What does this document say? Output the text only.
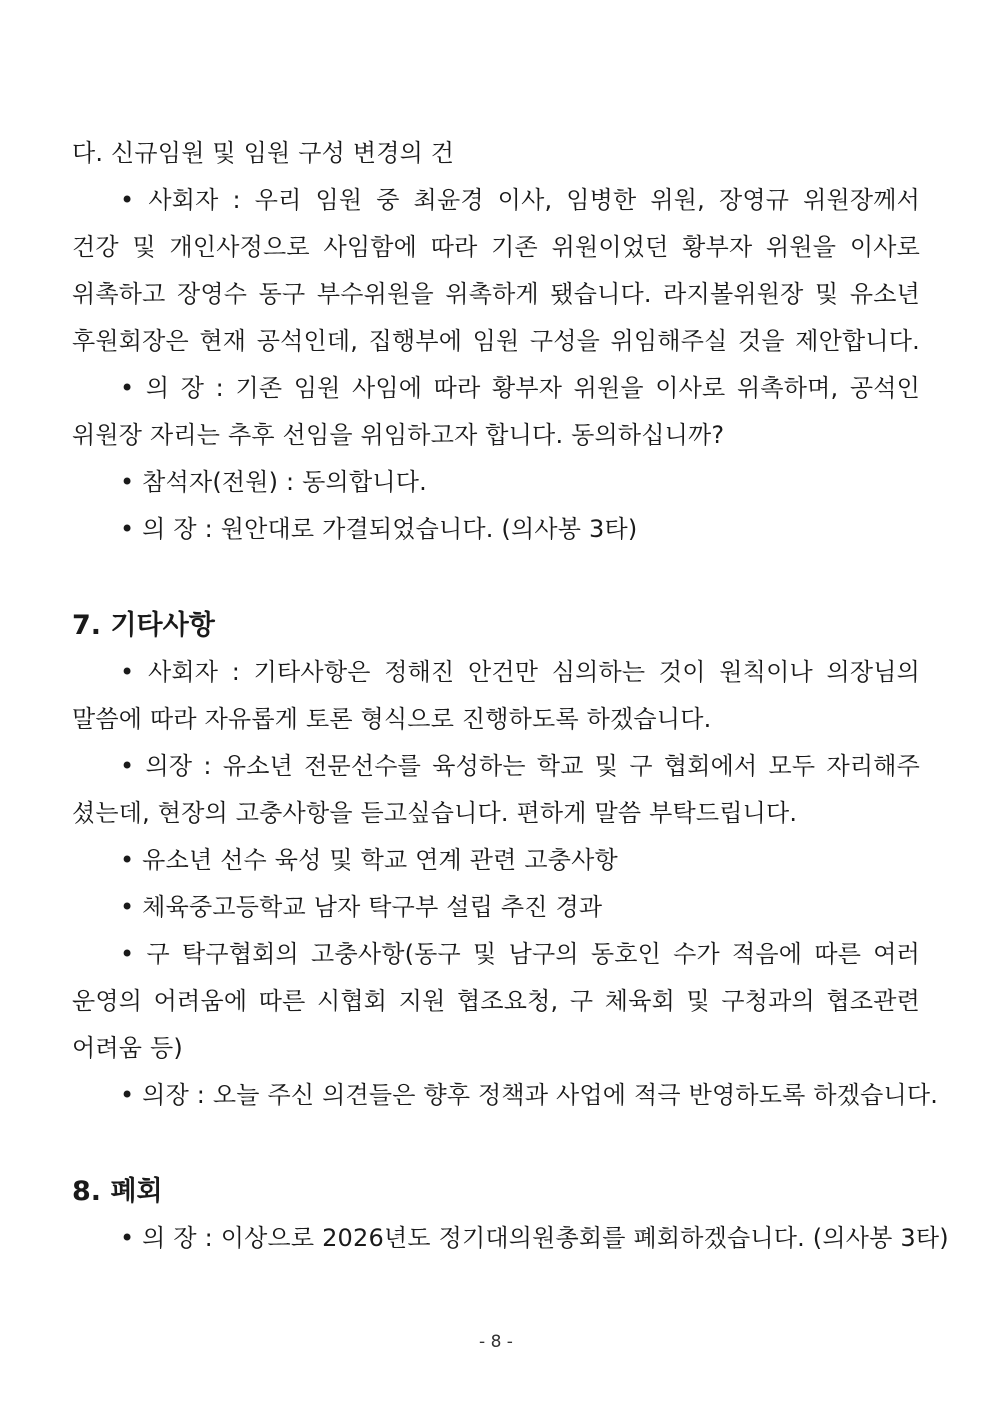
다. 신규임원 및 임원 구성 변경의 건
• 사회자 : 우리 임원 중 최윤경 이사, 임병한 위원, 장영규 위원장께서
건강 및 개인사정으로 사임함에 따라 기존 위원이었던 황부자 위원을 이사로
위촉하고 장영수 동구 부수위원을 위촉하게 됐습니다. 라지볼위원장 및 유소년
후원회장은 현재 공석인데, 집행부에 임원 구성을 위임해주실 것을 제안합니다.
• 의 장 : 기존 임원 사임에 따라 황부자 위원을 이사로 위촉하며, 공석인
위원장 자리는 추후 선임을 위임하고자 합니다. 동의하십니까?
• 참석자(전원) : 동의합니다.
• 의 장 : 원안대로 가결되었습니다. (의사봉 3타)
7. 기타사항
• 사회자 : 기타사항은 정해진 안건만 심의하는 것이 원칙이나 의장님의
말씀에 따라 자유롭게 토론 형식으로 진행하도록 하겠습니다.
• 의장 : 유소년 전문선수를 육성하는 학교 및 구 협회에서 모두 자리해주
셨는데, 현장의 고충사항을 듣고싶습니다. 편하게 말씀 부탁드립니다.
• 유소년 선수 육성 및 학교 연계 관련 고충사항
• 체육중고등학교 남자 탁구부 설립 추진 경과
• 구 탁구협회의 고충사항(동구 및 남구의 동호인 수가 적음에 따른 여러
운영의 어려움에 따른 시협회 지원 협조요청, 구 체육회 및 구청과의 협조관련
어려움 등)
• 의장 : 오늘 주신 의견들은 향후 정책과 사업에 적극 반영하도록 하겠습니다.
8. 폐회
• 의 장 : 이상으로 2026년도 정기대의원총회를 폐회하겠습니다. (의사봉 3타)
- 8 -
